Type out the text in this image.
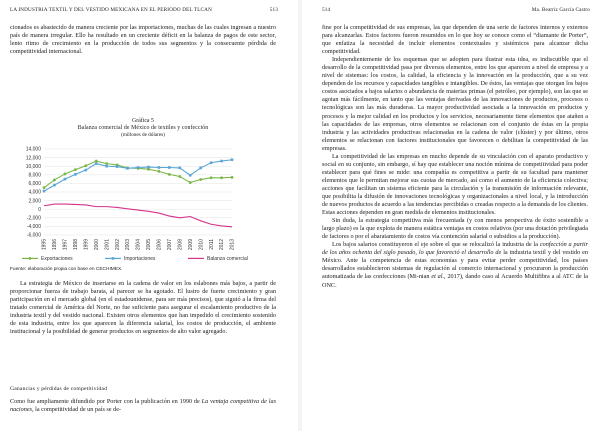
LA INDUSTRIA TEXTIL Y DEL VESTIDO MEXICANA EN EL PERIODO DEL TLCAN	513

cionados es abastecido de manera creciente por las importaciones, muchas de las cuales ingresan a nuestro país de manera irregular. Ello ha resultado en un creciente déficit en la balanza de pagos de este sector, lento ritmo de crecimiento en la producción de todos sus segmentos y la consecuente pérdida de competitividad internacional.

Gráfica 5
Balanza comercial de México de textiles y confección
(millones de dólares)
-6,000
-4,000
-2,000
0
2,000
4,000
6,000
8,000
10,000
12,000
14,000
1995 1996 1997 1998 1999 2000 2001 2002 2003 2004 2005 2006 2007 2008 2009 2010 2011 2012 2013
Exportaciones	Importaciones	Balanza comercial
Fuente: elaboración propia con base en CECHIMEX.

La estrategia de México de insertarse en la cadena de valor en los eslabones más bajos, a partir de proporcionar fuerza de trabajo barata, al parecer se ha agotado. El lustro de fuerte crecimiento y gran participación en el mercado global (en el estadounidense, para ser más precisos), que siguió a la firma del tratado comercial de América del Norte, no fue suficiente para asegurar el escalamiento productivo de la industria textil y del vestido nacional. Existen otros elementos que han impedido el crecimiento sostenido de esta industria, entre los que aparecen la diferencia salarial, los costos de producción, el ambiente institucional y la posibilidad de generar productos en segmentos de alto valor agregado.

Ganancias y pérdidas de competitividad

Como fue ampliamente difundido por Porter con la publicación en 1990 de La ventaja competitiva de las naciones, la competitividad de un país se de-

514	Ma. Beatriz García Castro

fine por la competitividad de sus empresas, las que dependen de una serie de factores internos y externos para alcanzarlas. Estos factores fueron resumidos en lo que hoy se conoce como el “diamante de Porter”, que enfatiza la necesidad de incluir elementos contextuales y sistémicos para alcanzar dicha competitividad.

Independientemente de los esquemas que se adopten para ilustrar esta idea, es indiscutible que el desarrollo de la competitividad pasa por diversos elementos, entre los que aparecen a nivel de empresa y a nivel de sistemas: los costos, la calidad, la eficiencia y la innovación en la producción, que a su vez dependen de los recursos y capacidades tangibles e intangibles. De éstos, las ventajas que otorgan los bajos costos asociados a bajos salarios o abundancia de materias primas (el petróleo, por ejemplo), son las que se agotan más fácilmente, en tanto que las ventajas derivadas de las innovaciones de productos, procesos o tecnológicas son las más duraderas. La mayor productividad asociada a la innovación en productos y procesos y la mejor calidad en los productos y los servicios, necesariamente tiene elementos que atañen a las capacidades de las empresas, otros elementos se relacionan con el conjunto de éstas en la propia industria y las actividades productivas relacionadas en la cadena de valor (clúster) y por último, otros elementos se relacionan con factores institucionales que favorecen o debilitan la competitividad de las empresas.

La competitividad de las empresas en mucho depende de su vinculación con el aparato productivo y social en su conjunto, sin embargo, sí hay que establecer una noción mínima de competitividad para poder establecer para qué fines se mide: una compañía es competitiva a partir de su facultad para mantener elementos que le permitan mejorar sus cuotas de mercado, así como el aumento de la eficiencia colectiva; acciones que facilitan un sistema eficiente para la circulación y la transmisión de información relevante, que posibilita la difusión de innovaciones tecnológicas y organizacionales a nivel local, y la introducción de nuevos productos de acuerdo a las tendencias percibidas o creadas respecto a la demanda de los clientes. Estas acciones dependen en gran medida de elementos institucionales.

Sin duda, la estrategia competitiva más frecuentada (y con menos perspectiva de éxito sostenible a largo plazo) es la que explota de manera estática ventajas en costos relativos (por una dotación privilegiada de factores o por el abaratamiento de costos vía contención salarial o subsidios a la producción).

Los bajos salarios constituyeron el eje sobre el que se relocalizó la industria de la confección a partir de los años ochenta del siglo pasado, lo que favoreció el desarrollo de la industria textil y del vestido en México. Ante la competencia de estas economías y para evitar perder competitividad, los países desarrollados establecieron sistemas de regulación al comercio internacional y procuraron la producción automatizada de las confecciones (Mi-nian et al., 2017), dando caso al Acuerdo Multifibra a al ATC de la ONC.
